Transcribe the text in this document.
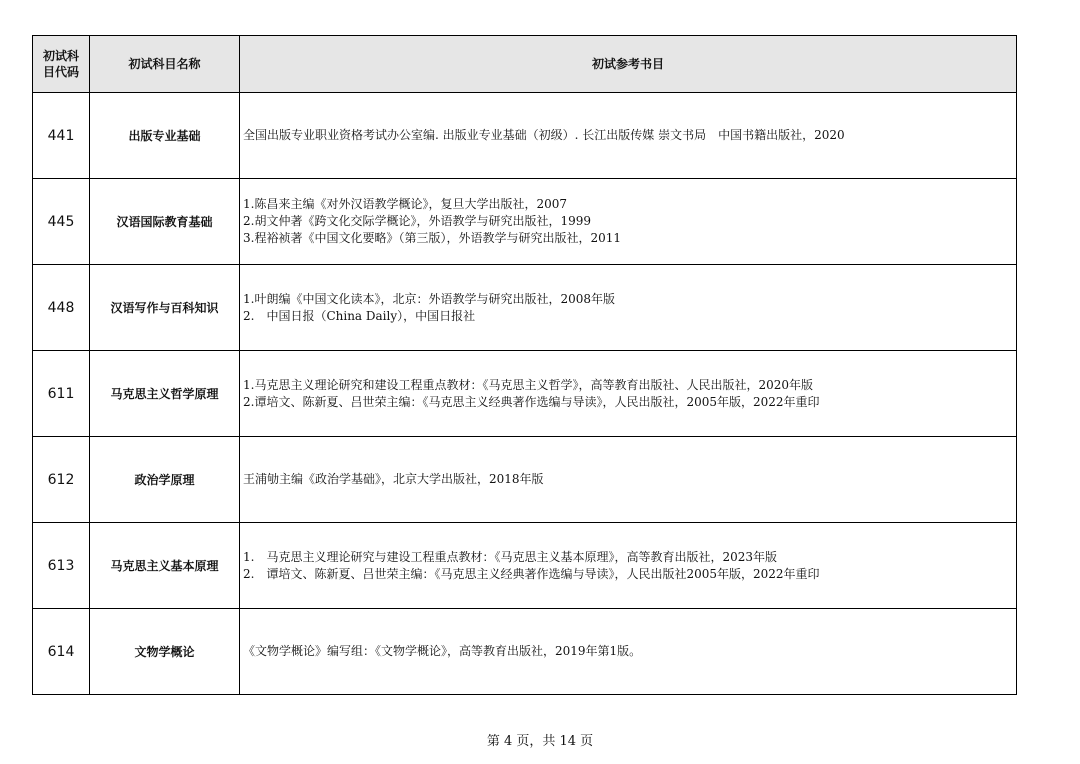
初试科目代码	初试科目名称	初试参考书目
441	出版专业基础	全国出版专业职业资格考试办公室编. 出版业专业基础（初级）. 长江出版传媒 崇文书局　中国书籍出版社，2020

445	汉语国际教育基础	1.陈昌来主编《对外汉语教学概论》，复旦大学出版社，2007
2.胡文仲著《跨文化交际学概论》，外语教学与研究出版社，1999
3.程裕祯著《中国文化要略》（第三版），外语教学与研究出版社，2011

448	汉语写作与百科知识	1.叶朗编《中国文化读本》，北京：外语教学与研究出版社，2008年版
2.　中国日报（China Daily），中国日报社

611	马克思主义哲学原理	1.马克思主义理论研究和建设工程重点教材：《马克思主义哲学》，高等教育出版社、人民出版社，2020年版
2.谭培文、陈新夏、吕世荣主编：《马克思主义经典著作选编与导读》，人民出版社，2005年版，2022年重印

612	政治学原理	王浦劬主编《政治学基础》，北京大学出版社，2018年版

613	马克思主义基本原理	1.　马克思主义理论研究与建设工程重点教材：《马克思主义基本原理》，高等教育出版社，2023年版
2.　谭培文、陈新夏、吕世荣主编：《马克思主义经典著作选编与导读》，人民出版社2005年版，2022年重印

614	文物学概论	《文物学概论》编写组：《文物学概论》，高等教育出版社，2019年第1版。
第 4 页，共 14 页
